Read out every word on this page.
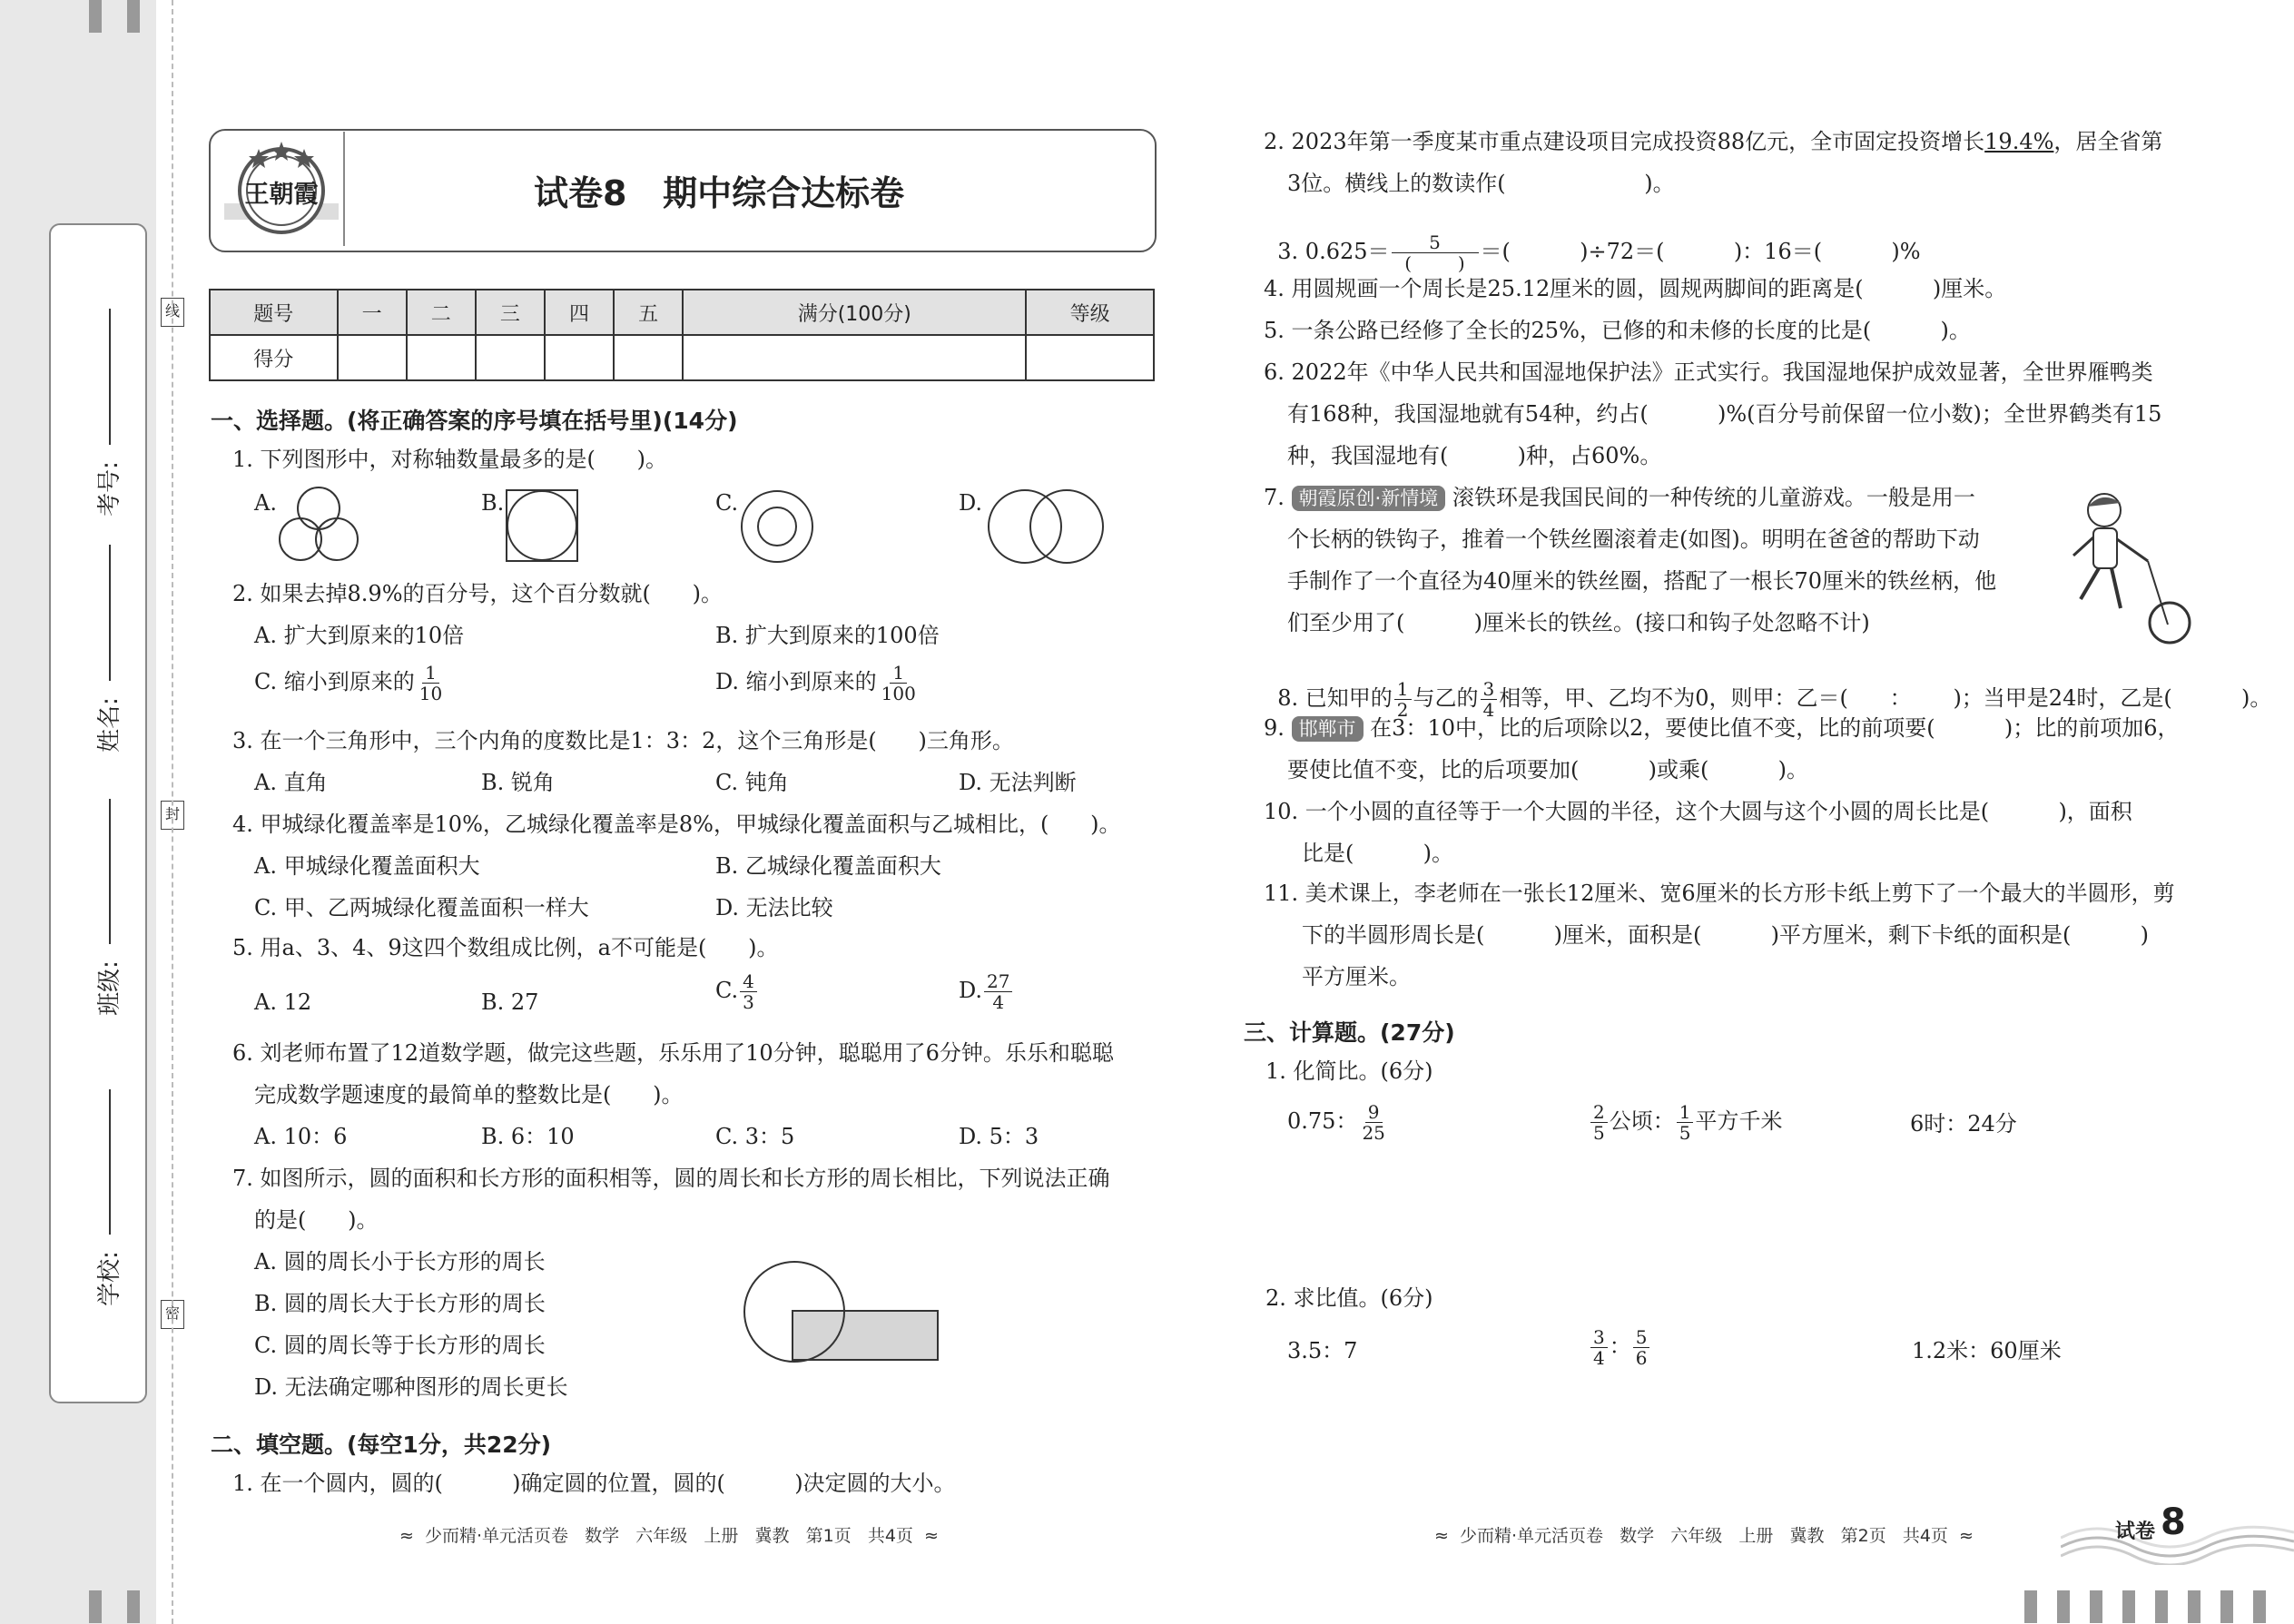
学校:
班级:
姓名:
考号:
线
封
密
王朝霞	试卷8   期中综合达标卷
题号	一	二	三	四	五	满分(100分)	等级
得分							
一、选择题。(将正确答案的序号填在括号里)(14分)
1. 下列图形中，对称轴数量最多的是(      )。
A.	B.	C.	D.
2. 如果去掉8.9%的百分号，这个百分数就(      )。
A. 扩大到原来的10倍	B. 扩大到原来的100倍
C. 缩小到原来的 $\frac{1}{10}$	D. 缩小到原来的 $\frac{1}{100}$
3. 在一个三角形中，三个内角的度数比是1：3：2，这个三角形是(      )三角形。
A. 直角	B. 锐角	C. 钝角	D. 无法判断
4. 甲城绿化覆盖率是10%，乙城绿化覆盖率是8%，甲城绿化覆盖面积与乙城相比，(      )。
A. 甲城绿化覆盖面积大	B. 乙城绿化覆盖面积大
C. 甲、乙两城绿化覆盖面积一样大	D. 无法比较
5. 用a、3、4、9这四个数组成比例，a不可能是(      )。
A. 12	B. 27	C. $\frac{4}{3}$	D. $\frac{27}{4}$
6. 刘老师布置了12道数学题，做完这些题，乐乐用了10分钟，聪聪用了6分钟。乐乐和聪聪
完成数学题速度的最简单的整数比是(      )。
A. 10：6	B. 6：10	C. 3：5	D. 5：3
7. 如图所示，圆的面积和长方形的面积相等，圆的周长和长方形的周长相比，下列说法正确
的是(      )。
A. 圆的周长小于长方形的周长
B. 圆的周长大于长方形的周长
C. 圆的周长等于长方形的周长
D. 无法确定哪种图形的周长更长
二、填空题。(每空1分，共22分)
1. 在一个圆内，圆的(          )确定圆的位置，圆的(          )决定圆的大小。
≈  少而精·单元活页卷   数学   六年级   上册   冀教   第1页   共4页  ≈
2. 2023年第一季度某市重点建设项目完成投资88亿元，全市固定投资增长19.4%，居全省第
3位。横线上的数读作(                    )。

3. $0.625= \frac{5}{( )}$ ＝(          )÷72＝(          )：16＝(          )%

4. 用圆规画一个周长是25.12厘米的圆，圆规两脚间的距离是(          )厘米。
5. 一条公路已经修了全长的25%，已修的和未修的长度的比是(          )。
6. 2022年《中华人民共和国湿地保护法》正式实行。我国湿地保护成效显著，全世界雁鸭类
有168种，我国湿地就有54种，约占(          )%(百分号前保留一位小数)；全世界鹤类有15
种，我国湿地有(          )种，占60%。
7. 朝霞原创·新情境 滚铁环是我国民间的一种传统的儿童游戏。一般是用一
个长柄的铁钩子，推着一个铁丝圈滚着走(如图)。明明在爸爸的帮助下动
手制作了一个直径为40厘米的铁丝圈，搭配了一根长70厘米的铁丝柄，他
们至少用了(          )厘米长的铁丝。(接口和钩子处忽略不计)

8. 已知甲的 $\frac{1}{2}$ 与乙的 $\frac{3}{4}$ 相等，甲、乙均不为0，则甲：乙＝(      ：      )；当甲是24时，乙是(          )。

9. 邯郸市 在3：10中，比的后项除以2，要使比值不变，比的前项要(          )；比的前项加6，
要使比值不变，比的后项要加(          )或乘(          )。
10. 一个小圆的直径等于一个大圆的半径，这个大圆与这个小圆的周长比是(          )，面积
比是(          )。
11. 美术课上，李老师在一张长12厘米、宽6厘米的长方形卡纸上剪下了一个最大的半圆形，剪
下的半圆形周长是(          )厘米，面积是(          )平方厘米，剩下卡纸的面积是(          )
平方厘米。
三、计算题。(27分)
1. 化简比。(6分)
0.75： $\frac{9}{25}$	$\frac{2}{5}$ 公顷： $\frac{1}{5}$ 平方千米	6时：24分
2. 求比值。(6分)
3.5：7	$\frac{3}{4}$ ： $\frac{5}{6}$	1.2米：60厘米
≈  少而精·单元活页卷   数学   六年级   上册   冀教   第2页   共4页  ≈	试卷 8
